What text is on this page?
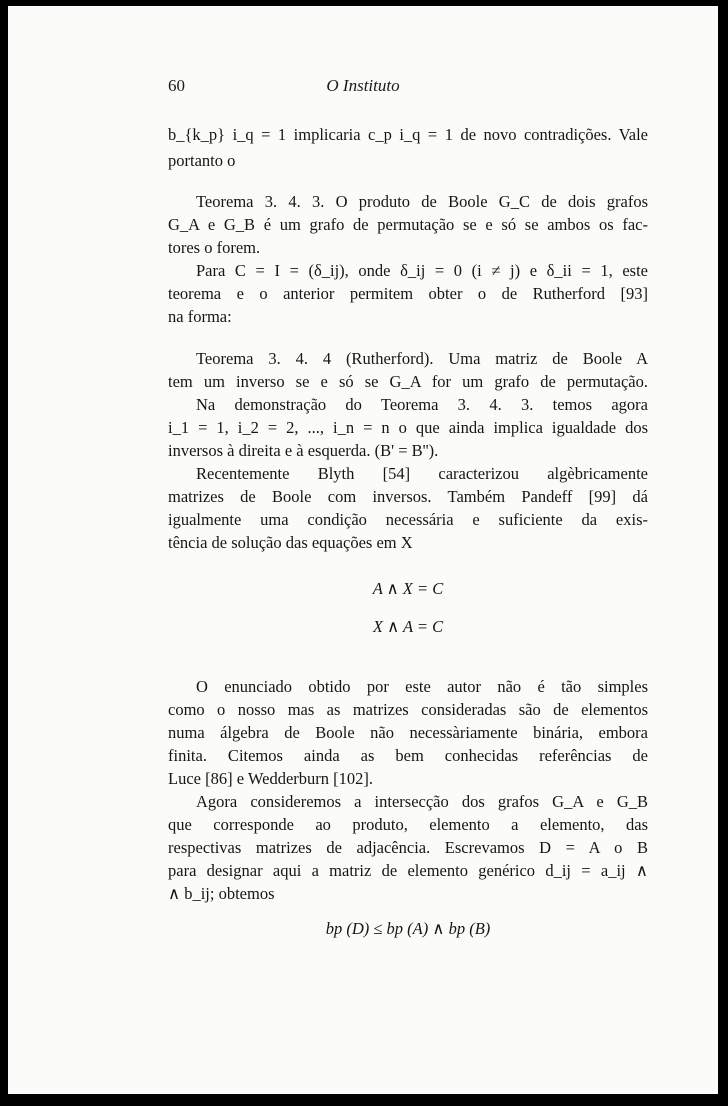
60	O Instituto
b_{k_p} i_q = 1 implicaria c_p i_q = 1 de novo contradições. Vale
portanto o
Teorema 3. 4. 3. O produto de Boole G_C de dois grafos
G_A e G_B é um grafo de permutação se e só se ambos os fac-
tores o forem.
Para C = I = (δ_ij), onde δ_ij = 0 (i ≠ j) e δ_ii = 1, este
teorema e o anterior permitem obter o de Rutherford [93]
na forma:
Teorema 3. 4. 4 (Rutherford). Uma matriz de Boole A
tem um inverso se e só se G_A for um grafo de permutação.
Na demonstração do Teorema 3. 4. 3. temos agora
i_1 = 1, i_2 = 2, ..., i_n = n o que ainda implica igualdade dos
inversos à direita e à esquerda. (B' = B'').
Recentemente Blyth [54] caracterizou algèbricamente
matrizes de Boole com inversos. Também Pandeff [99] dá
igualmente uma condição necessária e suficiente da exis-
tência de solução das equações em X
A ∧ X = C
X ∧ A = C
O enunciado obtido por este autor não é tão simples
como o nosso mas as matrizes consideradas são de elementos
numa álgebra de Boole não necessàriamente binária, embora
finita. Citemos ainda as bem conhecidas referências de
Luce [86] e Wedderburn [102].
Agora consideremos a intersecção dos grafos G_A e G_B
que corresponde ao produto, elemento a elemento, das
respectivas matrizes de adjacência. Escrevamos D = A o B
para designar aqui a matriz de elemento genérico d_ij = a_ij ∧
∧ b_ij; obtemos
bp (D) ≤ bp (A) ∧ bp (B)
